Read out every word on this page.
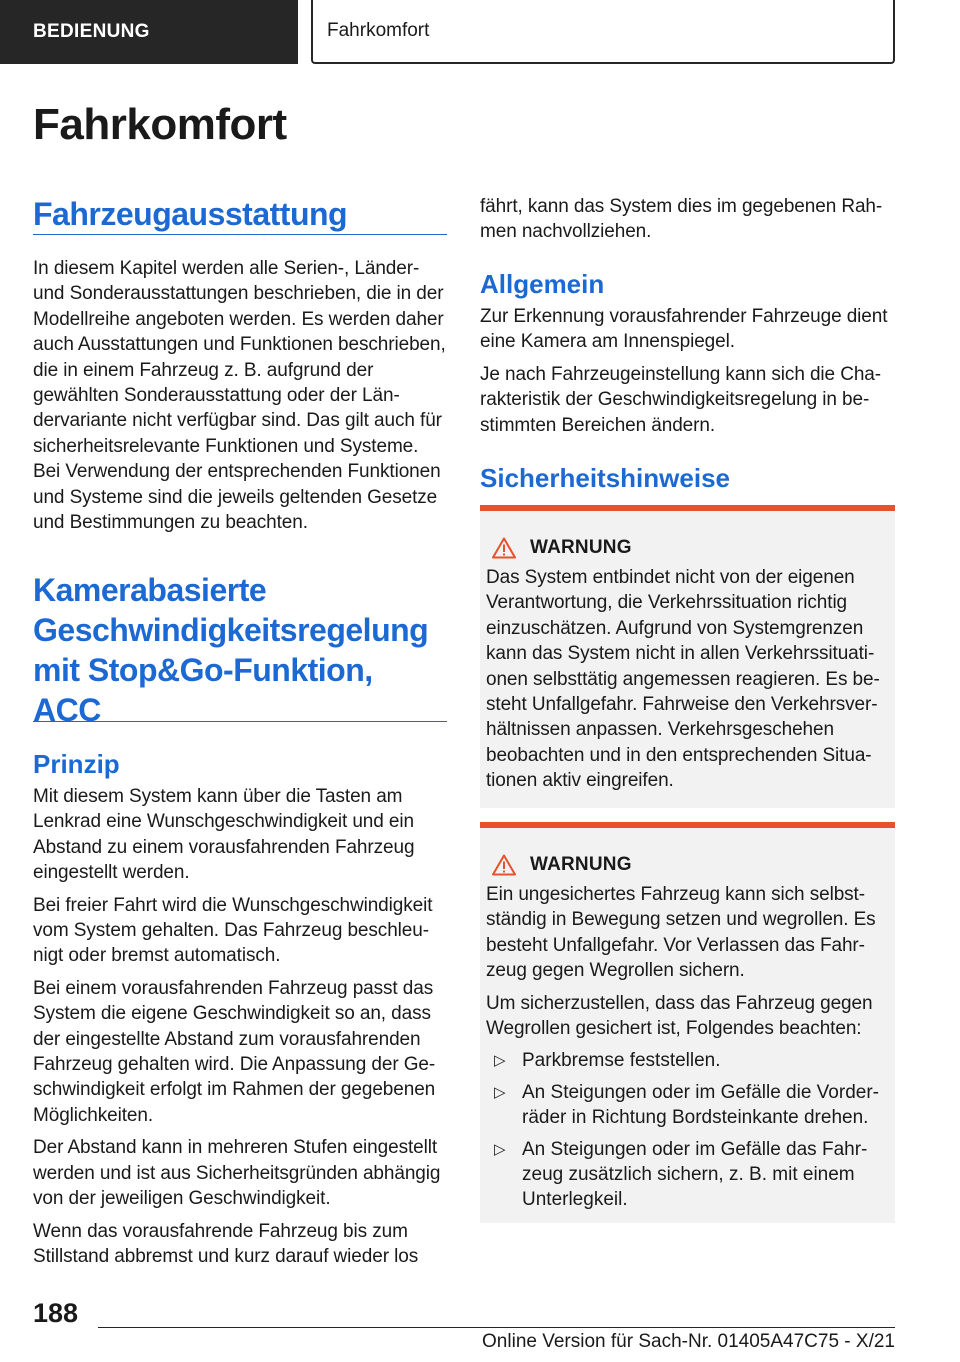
BEDIENUNG	Fahrkomfort
Fahrkomfort
Fahrzeugausstattung

In diesem Kapitel werden alle Serien-, Länder- und Sonderausstattungen beschrieben, die in der Modellreihe angeboten werden. Es werden daher auch Ausstattungen und Funktionen beschrieben, die in einem Fahrzeug z. B. aufgrund der gewählten Sonderausstattung oder der Ländervariante nicht verfügbar sind. Das gilt auch für sicherheitsrelevante Funktionen und Systeme. Bei Verwendung der entsprechenden Funktionen und Systeme sind die jeweils geltenden Gesetze und Bestimmungen zu beachten.

Kamerabasierte Geschwindigkeitsregelung mit Stop&Go-Funktion, ACC
Prinzip

Mit diesem System kann über die Tasten am Lenkrad eine Wunschgeschwindigkeit und ein Abstand zu einem vorausfahrenden Fahrzeug eingestellt werden.

Bei freier Fahrt wird die Wunschgeschwindigkeit vom System gehalten. Das Fahrzeug beschleunigt oder bremst automatisch.

Bei einem vorausfahrenden Fahrzeug passt das System die eigene Geschwindigkeit so an, dass der eingestellte Abstand zum vorausfahrenden Fahrzeug gehalten wird. Die Anpassung der Geschwindigkeit erfolgt im Rahmen der gegebenen Möglichkeiten.

Der Abstand kann in mehreren Stufen eingestellt werden und ist aus Sicherheitsgründen abhängig von der jeweiligen Geschwindigkeit.

Wenn das vorausfahrende Fahrzeug bis zum Stillstand abbremst und kurz darauf wieder los

fährt, kann das System dies im gegebenen Rahmen nachvollziehen.

Allgemein

Zur Erkennung vorausfahrender Fahrzeuge dient eine Kamera am Innenspiegel.

Je nach Fahrzeugeinstellung kann sich die Charakteristik der Geschwindigkeitsregelung in bestimmten Bereichen ändern.

Sicherheitshinweise
WARNUNG

Das System entbindet nicht von der eigenen Verantwortung, die Verkehrssituation richtig einzuschätzen. Aufgrund von Systemgrenzen kann das System nicht in allen Verkehrssituationen selbsttätig angemessen reagieren. Es besteht Unfallgefahr. Fahrweise den Verkehrsverhältnissen anpassen. Verkehrsgeschehen beobachten und in den entsprechenden Situationen aktiv eingreifen.

WARNUNG

Ein ungesichertes Fahrzeug kann sich selbstständig in Bewegung setzen und wegrollen. Es besteht Unfallgefahr. Vor Verlassen das Fahrzeug gegen Wegrollen sichern.

Um sicherzustellen, dass das Fahrzeug gegen Wegrollen gesichert ist, Folgendes beachten:

▷ Parkbremse feststellen.
▷ An Steigungen oder im Gefälle die Vorderräder in Richtung Bordsteinkante drehen.
▷ An Steigungen oder im Gefälle das Fahrzeug zusätzlich sichern, z. B. mit einem Unterlegkeil.
188
Online Version für Sach-Nr. 01405A47C75 - X/21
